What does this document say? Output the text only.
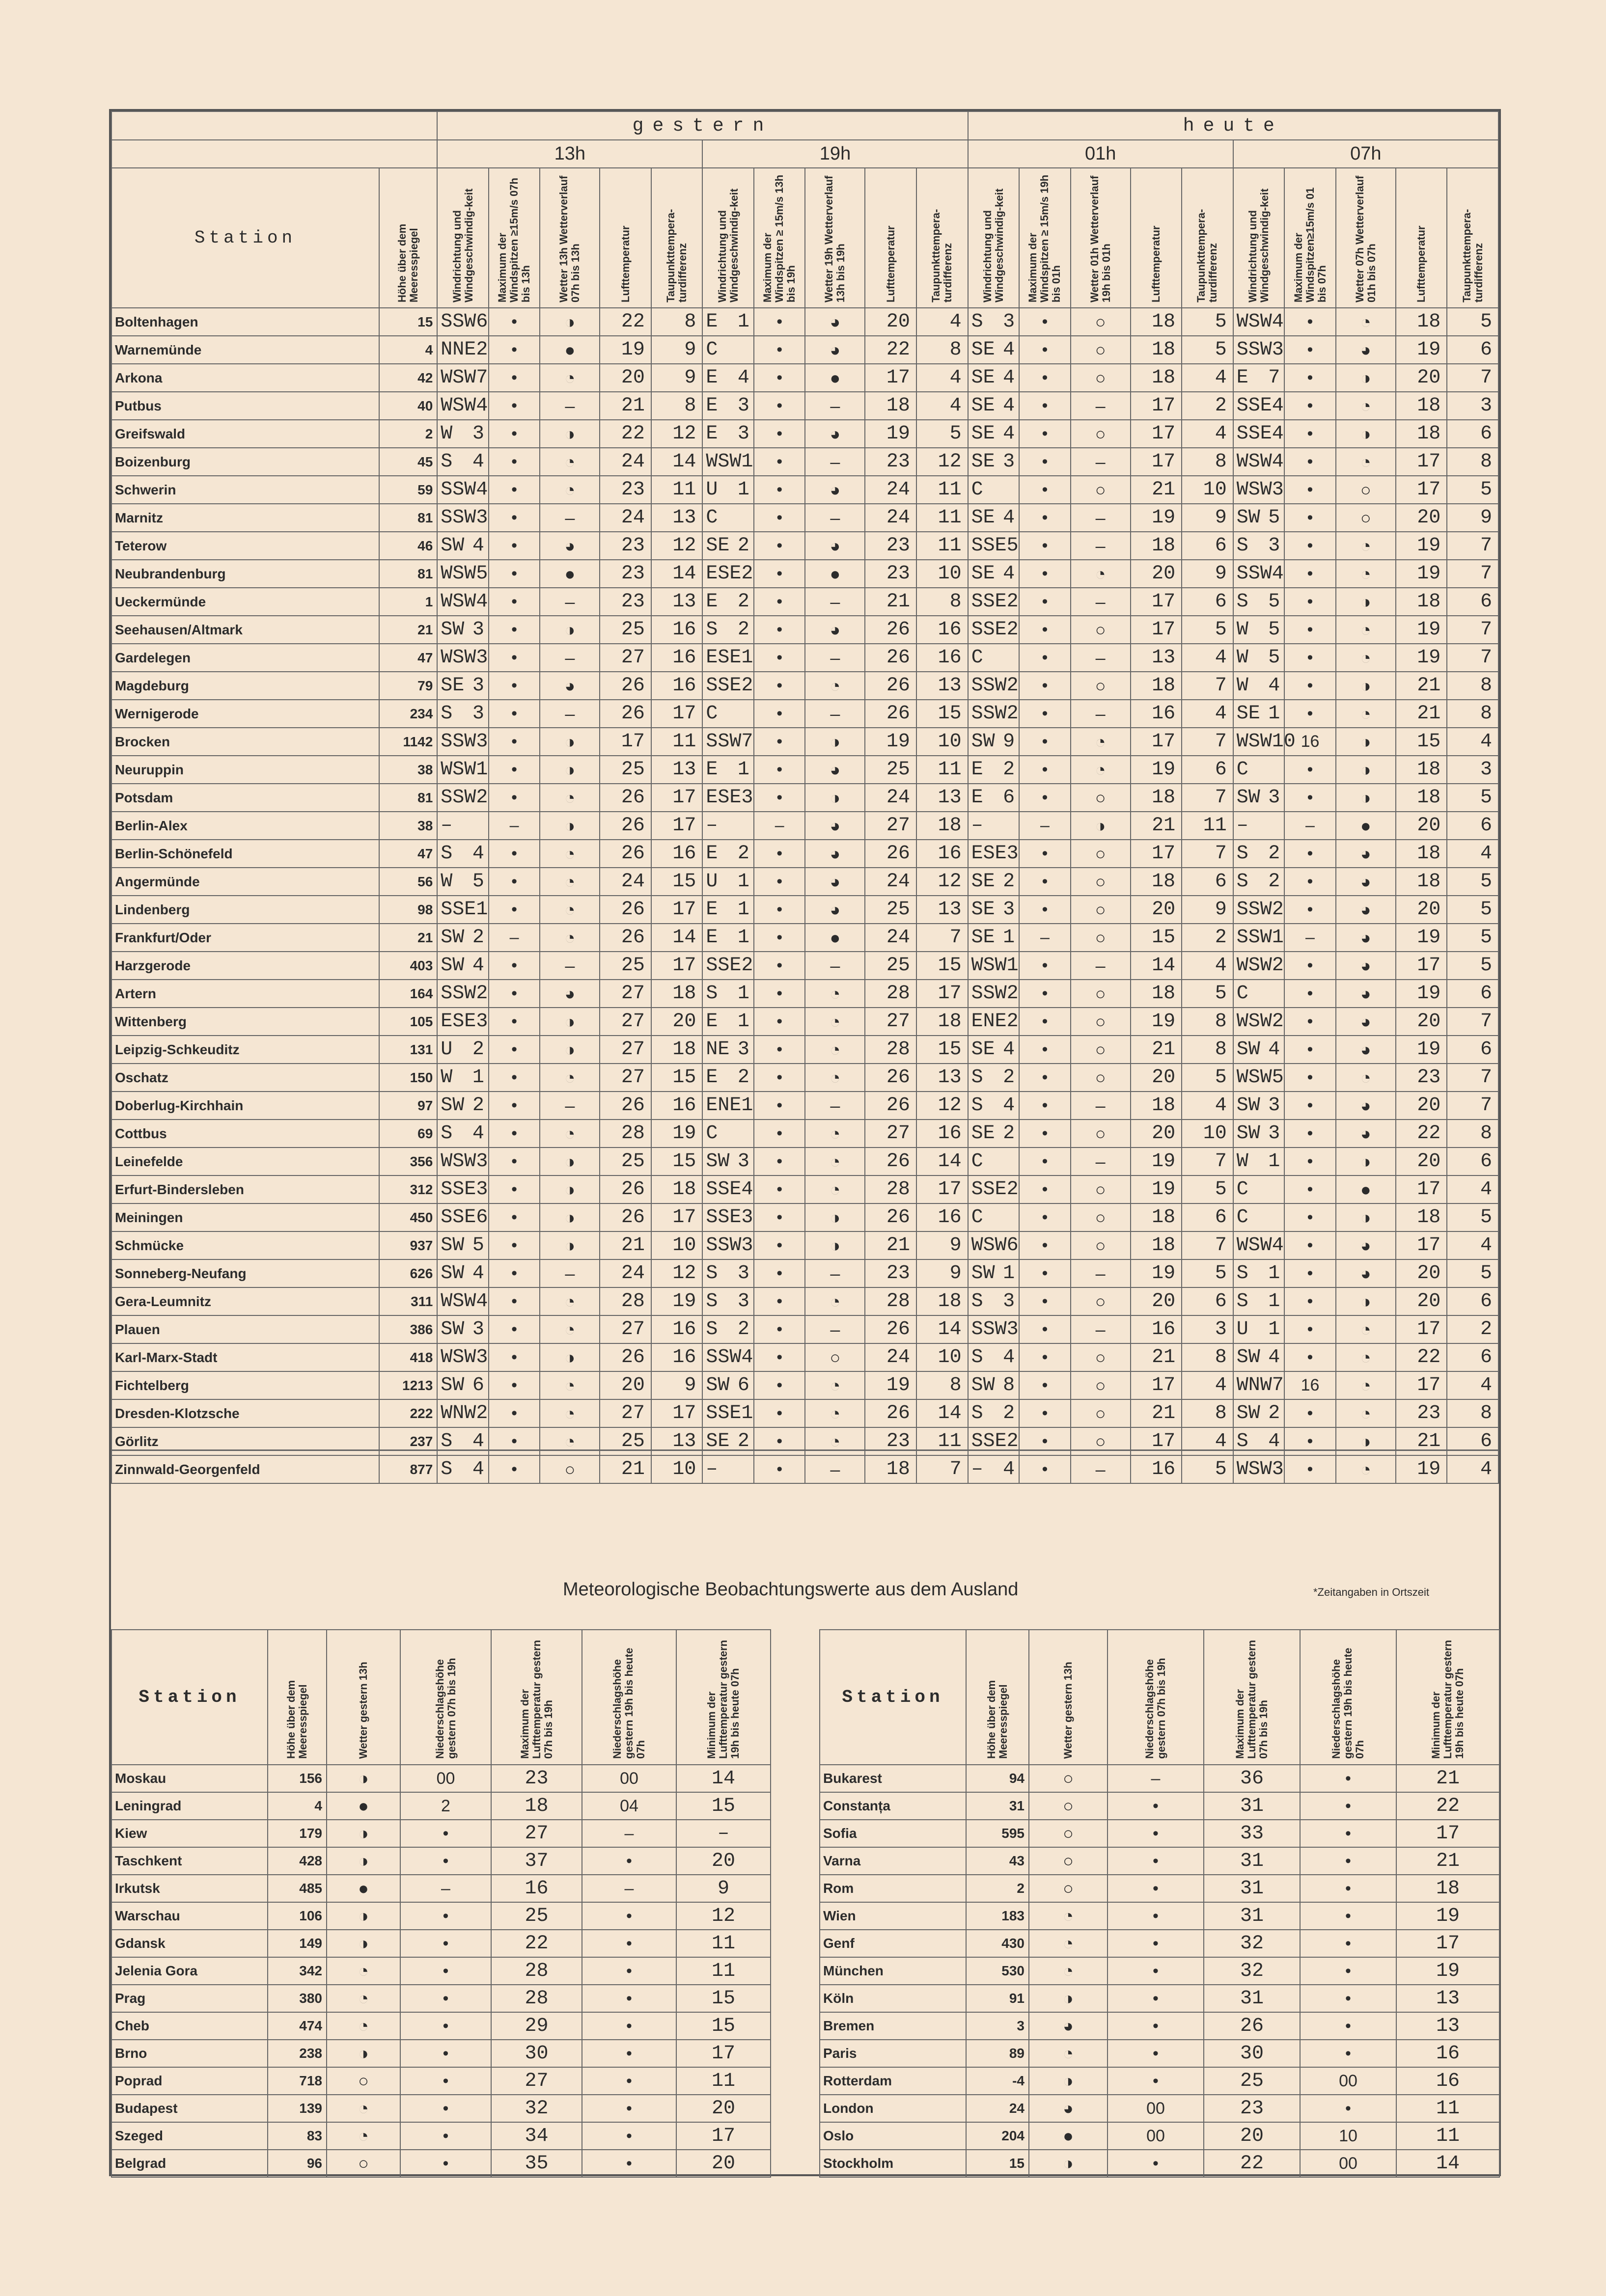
		gestern										heute									
		13h					19h					01h					07h				
Station	Höhe über dem Meeresspiegel	Windrichtung und Windgeschwindig-keit	Maximum der Windspitzen ≥15m/s 07h bis 13h	Wetter 13h Wetterverlauf 07h bis 13h	Lufttemperatur	Taupunkttempera-turdifferenz	Windrichtung und Windgeschwindig-keit	Maximum der Windspitzen ≥ 15m/s 13h bis 19h	Wetter 19h Wetterverlauf 13h bis 19h	Lufttemperatur	Taupunkttempera-turdifferenz	Windrichtung und Windgeschwindig-keit	Maximum der Windspitzen ≥ 15m/s 19h bis 01h	Wetter 01h Wetterverlauf 19h bis 01h	Lufttemperatur	Taupunkttempera-turdifferenz	Windrichtung und Windgeschwindig-keit	Maximum der Windspitzen≥15m/s 01 bis 07h	Wetter 07h Wetterverlauf 01h bis 07h	Lufttemperatur	Taupunkttempera-turdifferenz

Boltenhagen	15	SSW 6	•	◑	22	8	E 1	•	◕	20	4	S 3	•	○	18	5	WSW 4	•	◔	18	5
Warnemünde	4	NNE 2	•	●	19	9	C	•	◕	22	8	SE 4	•	○	18	5	SSW 3	•	◕	19	6
Arkona	42	WSW 7	•	◔	20	9	E 4	•	●	17	4	SE 4	•	○	18	4	E 7	•	◑	20	7
Putbus	40	WSW 4	•	–	21	8	E 3	•	–	18	4	SE 4	•	–	17	2	SSE 4	•	◔	18	3
Greifswald	2	W 3	•	◑	22	12	E 3	•	◕	19	5	SE 4	•	○	17	4	SSE 4	•	◑	18	6
Boizenburg	45	S 4	•	◔	24	14	WSW 1	•	–	23	12	SE 3	•	–	17	8	WSW 4	•	◔	17	8
Schwerin	59	SSW 4	•	◔	23	11	U 1	•	◕	24	11	C	•	○	21	10	WSW 3	•	○	17	5
Marnitz	81	SSW 3	•	–	24	13	C	•	–	24	11	SE 4	•	–	19	9	SW 5	•	○	20	9
Teterow	46	SW 4	•	◕	23	12	SE 2	•	◕	23	11	SSE 5	•	–	18	6	S 3	•	◔	19	7
Neubrandenburg	81	WSW 5	•	●	23	14	ESE 2	•	●	23	10	SE 4	•	◔	20	9	SSW 4	•	◔	19	7
Ueckermünde	1	WSW 4	•	–	23	13	E 2	•	–	21	8	SSE 2	•	–	17	6	S 5	•	◑	18	6
Seehausen/Altmark	21	SW 3	•	◑	25	16	S 2	•	◕	26	16	SSE 2	•	○	17	5	W 5	•	◔	19	7
Gardelegen	47	WSW 3	•	–	27	16	ESE 1	•	–	26	16	C	•	–	13	4	W 5	•	◔	19	7
Magdeburg	79	SE 3	•	◕	26	16	SSE 2	•	◔	26	13	SSW 2	•	○	18	7	W 4	•	◑	21	8
Wernigerode	234	S 3	•	–	26	17	C	•	–	26	15	SSW 2	•	–	16	4	SE 1	•	◔	21	8
Brocken	1142	SSW 3	•	◑	17	11	SSW 7	•	◑	19	10	SW 9	•	◔	17	7	WSW 10	16	◑	15	4
Neuruppin	38	WSW 1	•	◑	25	13	E 1	•	◕	25	11	E 2	•	◔	19	6	C	•	◑	18	3
Potsdam	81	SSW 2	•	◔	26	17	ESE 3	•	◑	24	13	E 6	•	○	18	7	SW 3	•	◑	18	5
Berlin-Alex	38	–	–	◑	26	17	–	–	◕	27	18	–	–	◑	21	11	–	–	●	20	6
Berlin-Schönefeld	47	S 4	•	◔	26	16	E 2	•	◕	26	16	ESE 3	•	○	17	7	S 2	•	◕	18	4
Angermünde	56	W 5	•	◔	24	15	U 1	•	◕	24	12	SE 2	•	○	18	6	S 2	•	◕	18	5
Lindenberg	98	SSE 1	•	◔	26	17	E 1	•	◕	25	13	SE 3	•	○	20	9	SSW 2	•	◕	20	5
Frankfurt/Oder	21	SW 2	–	◔	26	14	E 1	•	●	24	7	SE 1	–	○	15	2	SSW 1	–	◕	19	5
Harzgerode	403	SW 4	•	–	25	17	SSE 2	•	–	25	15	WSW 1	•	–	14	4	WSW 2	•	◕	17	5
Artern	164	SSW 2	•	◕	27	18	S 1	•	◔	28	17	SSW 2	•	○	18	5	C	•	◕	19	6
Wittenberg	105	ESE 3	•	◑	27	20	E 1	•	◔	27	18	ENE 2	•	○	19	8	WSW 2	•	◕	20	7
Leipzig-Schkeuditz	131	U 2	•	◑	27	18	NE 3	•	◔	28	15	SE 4	•	○	21	8	SW 4	•	◕	19	6
Oschatz	150	W 1	•	◔	27	15	E 2	•	◔	26	13	S 2	•	○	20	5	WSW 5	•	◔	23	7
Doberlug-Kirchhain	97	SW 2	•	–	26	16	ENE 1	•	–	26	12	S 4	•	–	18	4	SW 3	•	◕	20	7
Cottbus	69	S 4	•	◔	28	19	C	•	◔	27	16	SE 2	•	○	20	10	SW 3	•	◕	22	8
Leinefelde	356	WSW 3	•	◑	25	15	SW 3	•	◔	26	14	C	•	–	19	7	W 1	•	◑	20	6
Erfurt-Bindersleben	312	SSE 3	•	◑	26	18	SSE 4	•	◔	28	17	SSE 2	•	○	19	5	C	•	●	17	4
Meiningen	450	SSE 6	•	◑	26	17	SSE 3	•	◑	26	16	C	•	○	18	6	C	•	◑	18	5
Schmücke	937	SW 5	•	◑	21	10	SSW 3	•	◑	21	9	WSW 6	•	○	18	7	WSW 4	•	◕	17	4
Sonneberg-Neufang	626	SW 4	•	–	24	12	S 3	•	–	23	9	SW 1	•	–	19	5	S 1	•	◕	20	5
Gera-Leumnitz	311	WSW 4	•	◔	28	19	S 3	•	◔	28	18	S 3	•	○	20	6	S 1	•	◑	20	6
Plauen	386	SW 3	•	◔	27	16	S 2	•	–	26	14	SSW 3	•	–	16	3	U 1	•	◔	17	2
Karl-Marx-Stadt	418	WSW 3	•	◑	26	16	SSW 4	•	○	24	10	S 4	•	○	21	8	SW 4	•	◔	22	6
Fichtelberg	1213	SW 6	•	◔	20	9	SW 6	•	◔	19	8	SW 8	•	○	17	4	WNW 7	16	◔	17	4
Dresden-Klotzsche	222	WNW 2	•	◔	27	17	SSE 1	•	◔	26	14	S 2	•	○	21	8	SW 2	•	◔	23	8
Görlitz	237	S 4	•	◔	25	13	SE 2	•	◔	23	11	SSE 2	•	○	17	4	S 4	•	◑	21	6
Zinnwald-Georgenfeld	877	S 4	•	○	21	10	–	•	–	18	7	– 4	•	–	16	5	WSW 3	•	◔	19	4
Meteorologische Beobachtungswerte aus dem Ausland	*Zeitangaben in Ortszeit
Station	Höhe über dem Meeresspiegel	Wetter gestern 13h	Niederschlagshöhe gestern 07h bis 19h	Maximum der Lufttemperatur gestern 07h bis 19h	Niederschlagshöhe gestern 19h bis heute 07h	Minimum der Lufttemperatur gestern 19h bis heute 07h

Moskau	156	◑	00	23	00	14
Leningrad	4	●	2	18	04	15
Kiew	179	◑	•	27	–	–
Taschkent	428	◑	•	37	•	20
Irkutsk	485	●	–	16	–	9
Warschau	106	◑	•	25	•	12
Gdansk	149	◑	•	22	•	11
Jelenia Gora	342	◔	•	28	•	11
Prag	380	◔	•	28	•	15
Cheb	474	◔	•	29	•	15
Brno	238	◑	•	30	•	17
Poprad	718	○	•	27	•	11
Budapest	139	◔	•	32	•	20
Szeged	83	◔	•	34	•	17
Belgrad	96	○	•	35	•	20
Station	Höhe über dem Meeresspiegel	Wetter gestern 13h	Niederschlagshöhe gestern 07h bis 19h	Maximum der Lufttemperatur gestern 07h bis 19h	Niederschlagshöhe gestern 19h bis heute 07h	Minimum der Lufttemperatur gestern 19h bis heute 07h

Bukarest	94	○	–	36	•	21
Constanța	31	○	•	31	•	22
Sofia	595	○	•	33	•	17
Varna	43	○	•	31	•	21
Rom	2	○	•	31	•	18
Wien	183	◔	•	31	•	19
Genf	430	◔	•	32	•	17
München	530	◔	•	32	•	19
Köln	91	◑	•	31	•	13
Bremen	3	◕	•	26	•	13
Paris	89	◔	•	30	•	16
Rotterdam	-4	◑	•	25	00	16
London	24	◕	00	23	•	11
Oslo	204	●	00	20	10	11
Stockholm	15	◑	•	22	00	14
